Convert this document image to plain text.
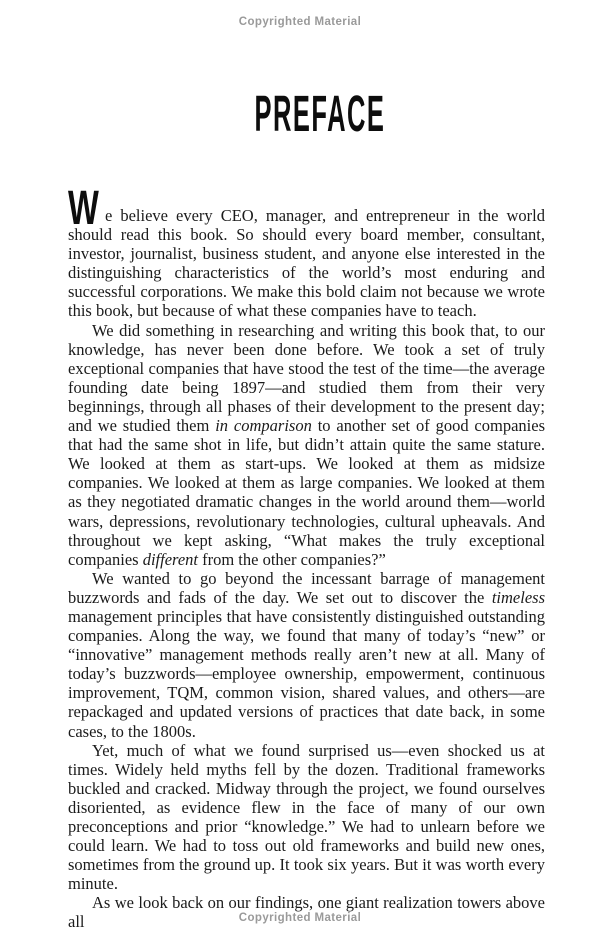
Copyrighted Material
PREFACE

W e believe every CEO, manager, and entrepreneur in the world should read this book. So should every board member, consultant, investor, journalist, business student, and anyone else interested in the distinguishing characteristics of the world’s most enduring and successful corporations. We make this bold claim not because we wrote this book, but because of what these companies have to teach.

We did something in researching and writing this book that, to our knowledge, has never been done before. We took a set of truly exceptional companies that have stood the test of the time—the average founding date being 1897—and studied them from their very beginnings, through all phases of their development to the present day; and we studied them in comparison to another set of good companies that had the same shot in life, but didn’t attain quite the same stature. We looked at them as start-ups. We looked at them as midsize companies. We looked at them as large companies. We looked at them as they negotiated dramatic changes in the world around them—world wars, depressions, revolutionary technologies, cultural upheavals. And throughout we kept asking, “What makes the truly exceptional companies different from the other companies?”

We wanted to go beyond the incessant barrage of management buzzwords and fads of the day. We set out to discover the timeless management principles that have consistently distinguished outstanding companies. Along the way, we found that many of today’s “new” or “innovative” management methods really aren’t new at all. Many of today’s buzzwords—employee ownership, empowerment, continuous improvement, TQM, common vision, shared values, and others—are repackaged and updated versions of practices that date back, in some cases, to the 1800s.

Yet, much of what we found surprised us—even shocked us at times. Widely held myths fell by the dozen. Traditional frameworks buckled and cracked. Midway through the project, we found ourselves disoriented, as evidence flew in the face of many of our own preconceptions and prior “knowledge.” We had to unlearn before we could learn. We had to toss out old frameworks and build new ones, sometimes from the ground up. It took six years. But it was worth every minute.

As we look back on our findings, one giant realization towers above all	Copyrighted Material
